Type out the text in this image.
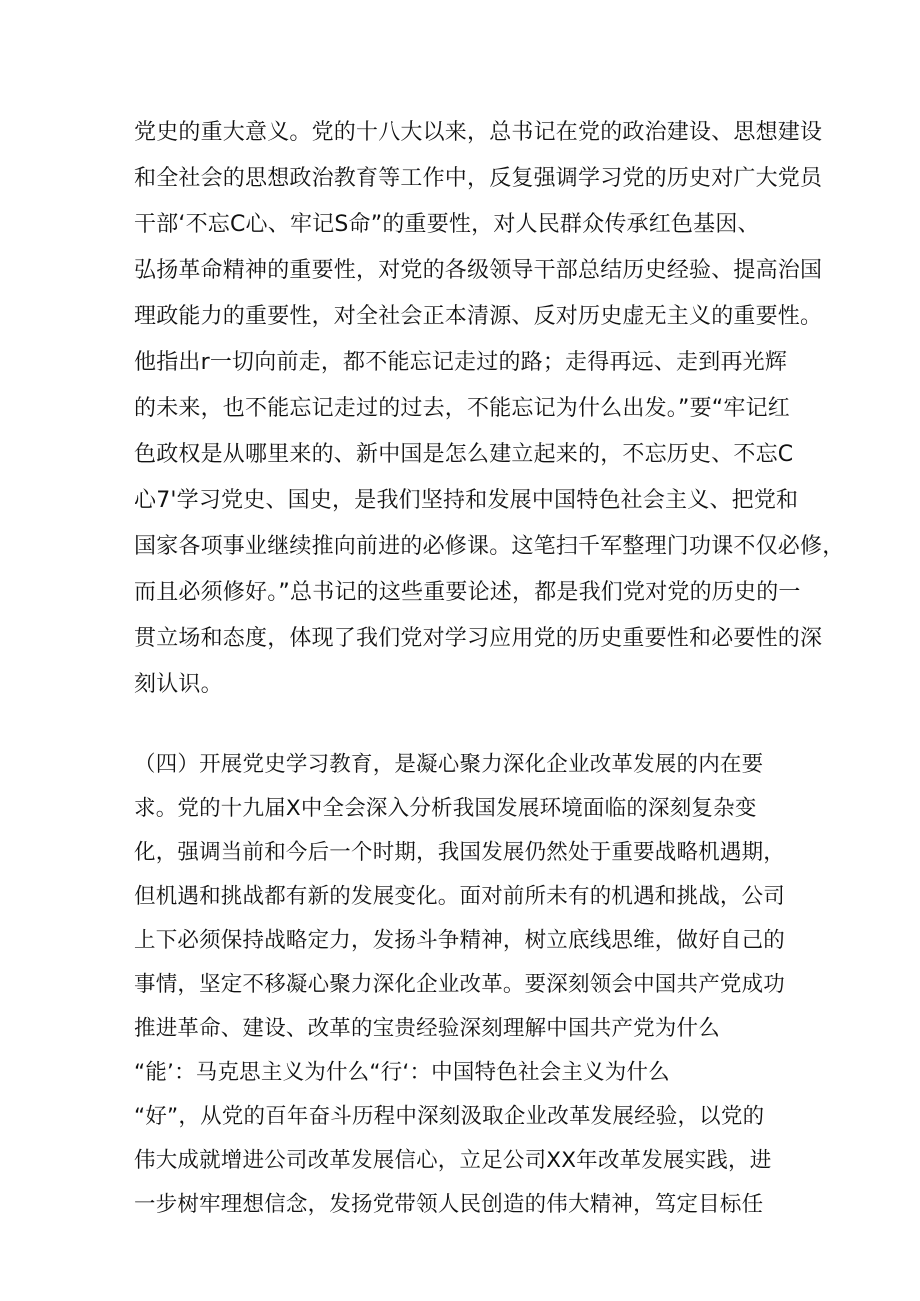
党史的重大意义。党的十八大以来，总书记在党的政治建设、思想建设
和全社会的思想政治教育等工作中，反复强调学习党的历史对广大党员
干部‘不忘C心、牢记S命”的重要性，对人民群众传承红色基因、
弘扬革命精神的重要性，对党的各级领导干部总结历史经验、提高治国
理政能力的重要性，对全社会正本清源、反对历史虚无主义的重要性。
他指出r一切向前走，都不能忘记走过的路；走得再远、走到再光辉
的未来，也不能忘记走过的过去，不能忘记为什么出发。”要“牢记红
色政权是从哪里来的、新中国是怎么建立起来的，不忘历史、不忘C
心7'学习党史、国史，是我们坚持和发展中国特色社会主义、把党和
国家各项事业继续推向前进的必修课。这笔扫千军整理门功课不仅必修，
而且必须修好。”总书记的这些重要论述，都是我们党对党的历史的一
贯立场和态度，体现了我们党对学习应用党的历史重要性和必要性的深
刻认识。
（四）开展党史学习教育，是凝心聚力深化企业改革发展的内在要
求。党的十九届X中全会深入分析我国发展环境面临的深刻复杂变
化，强调当前和今后一个时期，我国发展仍然处于重要战略机遇期，
但机遇和挑战都有新的发展变化。面对前所未有的机遇和挑战，公司
上下必须保持战略定力，发扬斗争精神，树立底线思维，做好自己的
事情，坚定不移凝心聚力深化企业改革。要深刻领会中国共产党成功
推进革命、建设、改革的宝贵经验深刻理解中国共产党为什么
“能’：马克思主义为什么“行‘：中国特色社会主义为什么
“好”，从党的百年奋斗历程中深刻汲取企业改革发展经验，以党的
伟大成就增进公司改革发展信心，立足公司XX年改革发展实践，进
一步树牢理想信念，发扬党带领人民创造的伟大精神，笃定目标任
